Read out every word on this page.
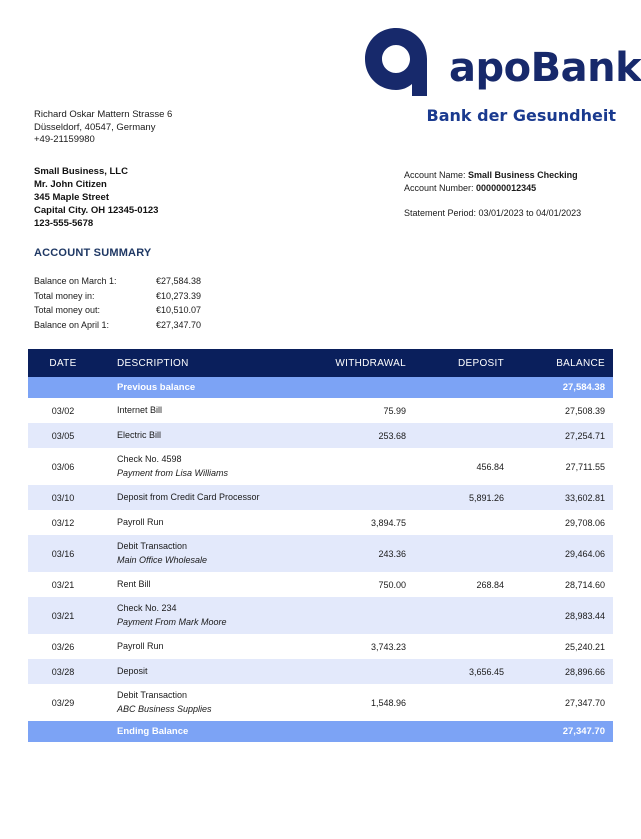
apoBank
Bank der Gesundheit
Richard Oskar Mattern Strasse 6
Düsseldorf, 40547, Germany
+49-21159980
Small Business, LLC
Mr. John Citizen
345 Maple Street
Capital City. OH 12345-0123
123-555-5678
Account Name: Small Business Checking
Account Number: 000000012345
Statement Period: 03/01/2023 to 04/01/2023
ACCOUNT SUMMARY
Balance on March 1:	€27,584.38
Total money in:	€10,273.39
Total money out:	€10,510.07
Balance on April 1:	€27,347.70
DATE	DESCRIPTION	WITHDRAWAL	DEPOSIT	BALANCE
	Previous balance			27,584.38
03/02	Internet Bill	75.99		27,508.39
03/05	Electric Bill	253.68		27,254.71
03/06	Check No. 4598
Payment from Lisa Williams		456.84	27,711.55
03/10	Deposit from Credit Card Processor		5,891.26	33,602.81
03/12	Payroll Run	3,894.75		29,708.06
03/16	Debit Transaction
Main Office Wholesale	243.36		29,464.06
03/21	Rent Bill	750.00	268.84	28,714.60
03/21	Check No. 234
Payment From Mark Moore			28,983.44
03/26	Payroll Run	3,743.23		25,240.21
03/28	Deposit		3,656.45	28,896.66
03/29	Debit Transaction
ABC Business Supplies	1,548.96		27,347.70
	Ending Balance			27,347.70
